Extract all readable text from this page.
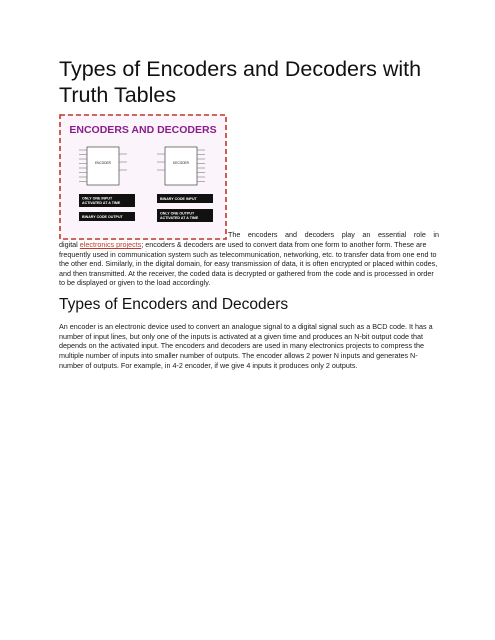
Types of Encoders and Decoders with Truth Tables
ENCODERS AND DECODERS
ENCODER	DECODER
ONLY ONE INPUT ACTIVATED AT A TIME
BINARY CODE OUTPUT
BINARY CODE INPUT
ONLY ONE OUTPUT ACTIVATED AT A TIME
The encoders and decoders play an essential role in

digital electronics projects; encoders & decoders are used to convert data from one form to another form. These are frequently used in communication system such as telecommunication, networking, etc. to transfer data from one end to the other end. Similarly, in the digital domain, for easy transmission of data, it is often encrypted or placed within codes, and then transmitted. At the receiver, the coded data is decrypted or gathered from the code and is processed in order to be displayed or given to the load accordingly.

Types of Encoders and Decoders

An encoder is an electronic device used to convert an analogue signal to a digital signal such as a BCD code. It has a number of input lines, but only one of the inputs is activated at a given time and produces an N-bit output code that depends on the activated input. The encoders and decoders are used in many electronics projects to compress the multiple number of inputs into smaller number of outputs. The encoder allows 2 power N inputs and generates N-number of outputs. For example, in 4-2 encoder, if we give 4 inputs it produces only 2 outputs.
